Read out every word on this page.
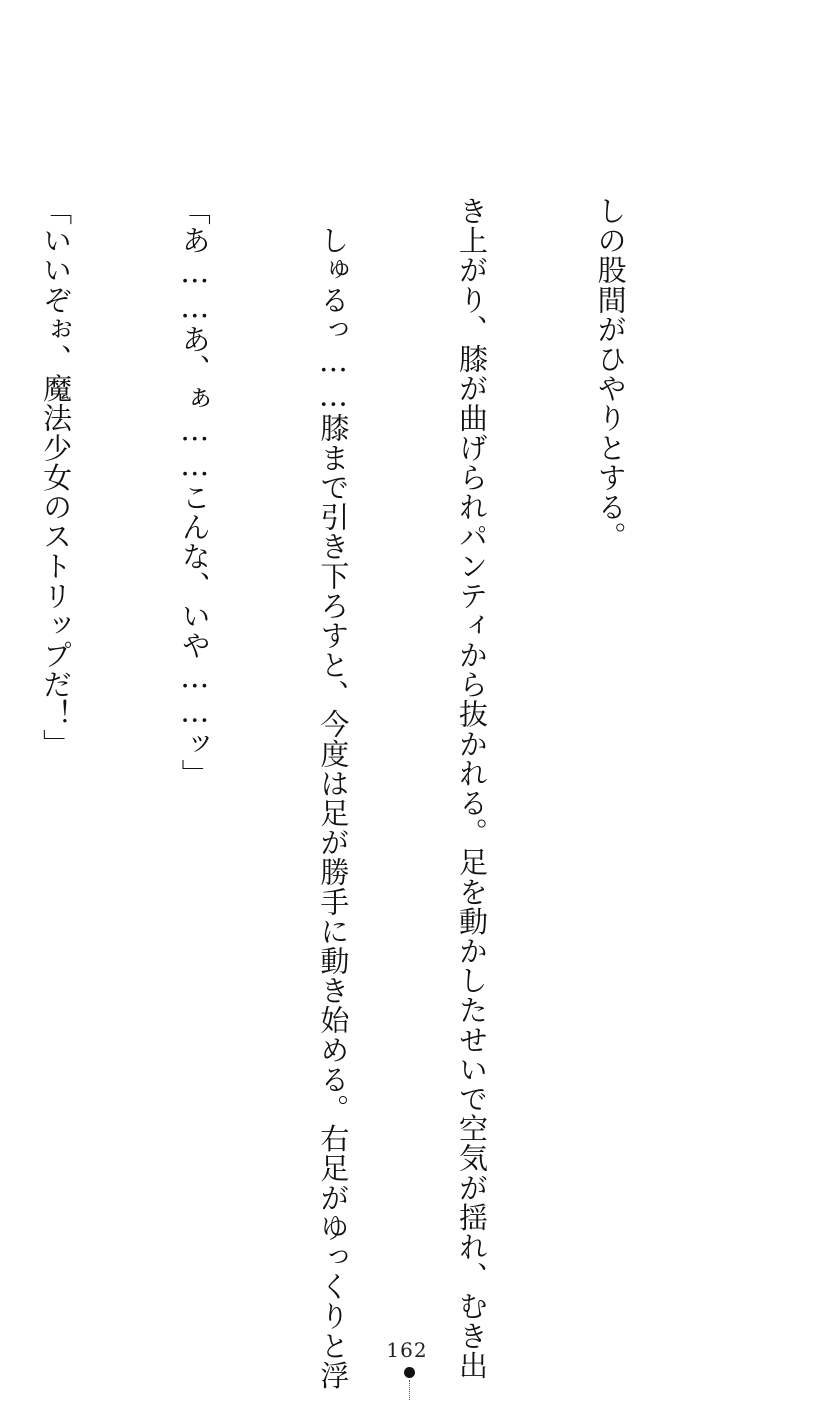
しの股間がひやりとする。

き上がり、膝が曲げられパンティから抜かれる。足を動かしたせいで空気が揺れ、むき出

　しゅるっ……膝まで引き下ろすと、今度は足が勝手に動き始める。右足がゆっくりと浮

「あ……あ、ぁ……こんな、いや……ッ」

「いいぞぉ、魔法少女のストリップだ！」

162
